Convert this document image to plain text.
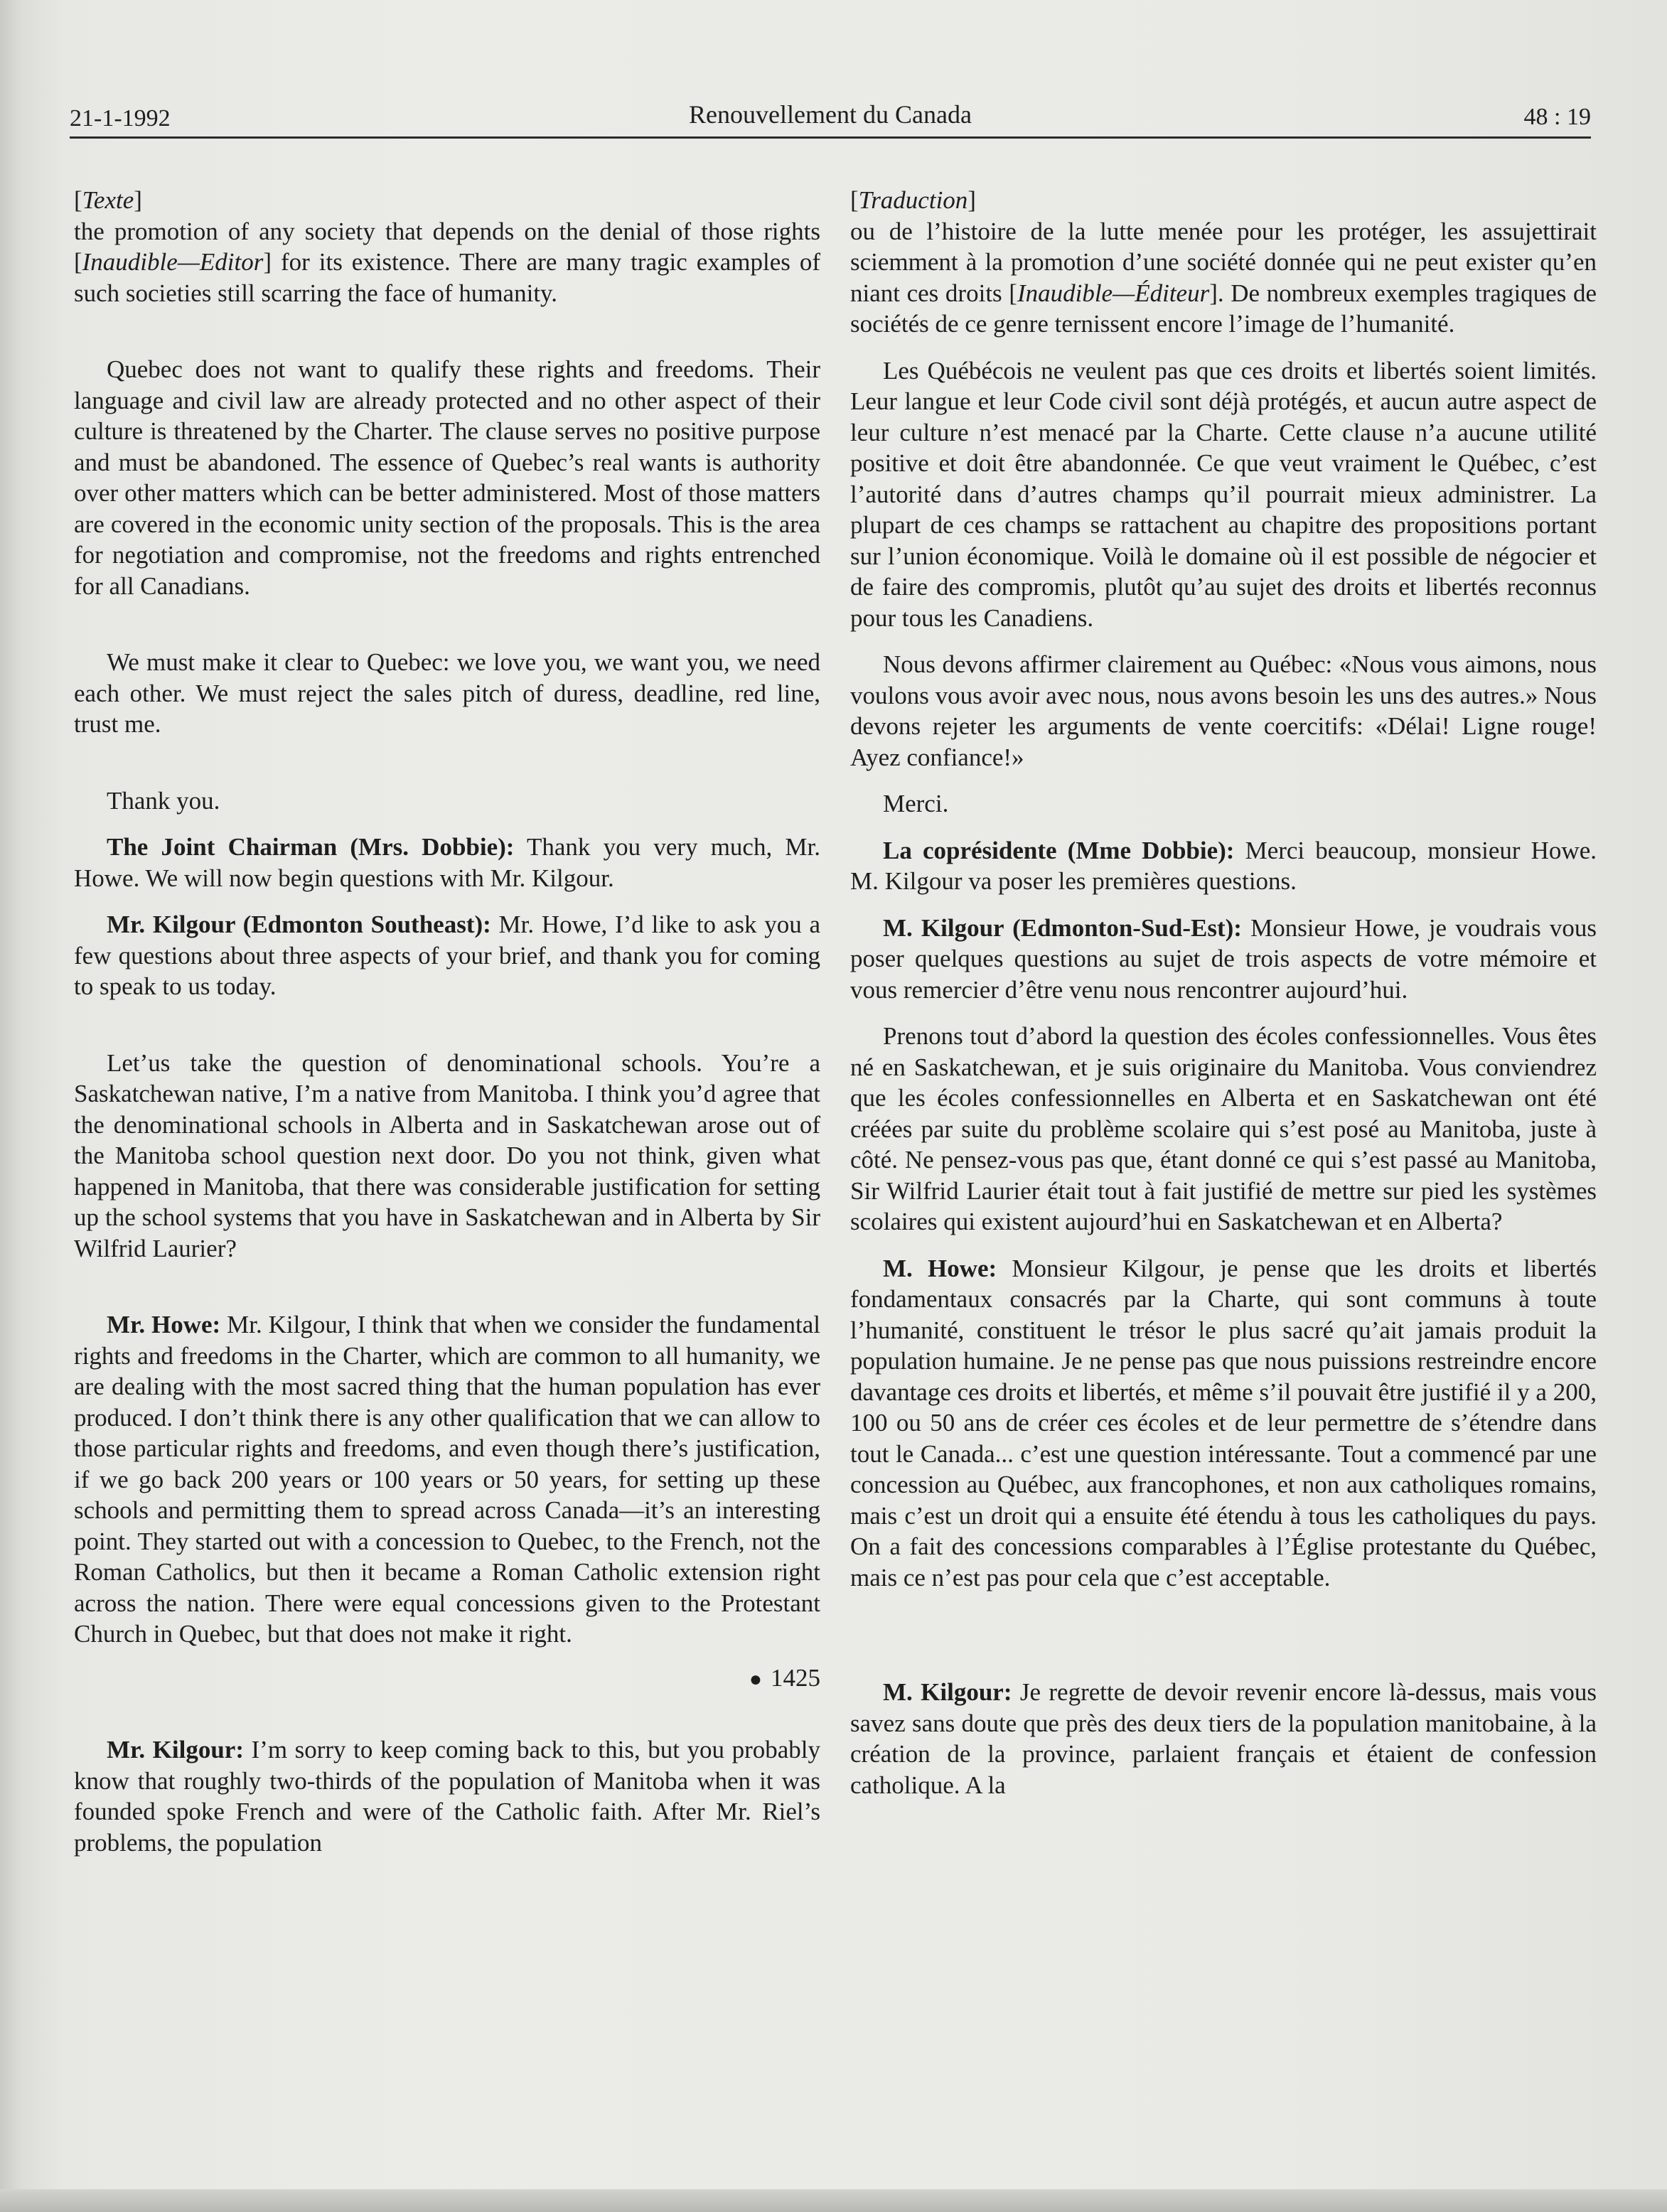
21-1-1992	Renouvellement du Canada	48 : 19

[Texte]

the promotion of any society that depends on the denial of those rights [Inaudible—Editor] for its existence. There are many tragic examples of such societies still scarring the face of humanity.

Quebec does not want to qualify these rights and freedoms. Their language and civil law are already protected and no other aspect of their culture is threatened by the Charter. The clause serves no positive purpose and must be abandoned. The essence of Quebec’s real wants is authority over other matters which can be better administered. Most of those matters are covered in the economic unity section of the proposals. This is the area for negotiation and compromise, not the freedoms and rights entrenched for all Canadians.

We must make it clear to Quebec: we love you, we want you, we need each other. We must reject the sales pitch of duress, deadline, red line, trust me.

Thank you.

The Joint Chairman (Mrs. Dobbie): Thank you very much, Mr. Howe. We will now begin questions with Mr. Kilgour.

Mr. Kilgour (Edmonton Southeast): Mr. Howe, I’d like to ask you a few questions about three aspects of your brief, and thank you for coming to speak to us today.

Let’us take the question of denominational schools. You’re a Saskatchewan native, I’m a native from Manitoba. I think you’d agree that the denominational schools in Alberta and in Saskatchewan arose out of the Manitoba school question next door. Do you not think, given what happened in Manitoba, that there was considerable justification for setting up the school systems that you have in Saskatchewan and in Alberta by Sir Wilfrid Laurier?

Mr. Howe: Mr. Kilgour, I think that when we consider the fundamental rights and freedoms in the Charter, which are common to all humanity, we are dealing with the most sacred thing that the human population has ever produced. I don’t think there is any other qualification that we can allow to those particular rights and freedoms, and even though there’s justification, if we go back 200 years or 100 years or 50 years, for setting up these schools and permitting them to spread across Canada—it’s an interesting point. They started out with a concession to Quebec, to the French, not the Roman Catholics, but then it became a Roman Catholic extension right across the nation. There were equal concessions given to the Protestant Church in Quebec, but that does not make it right.

● 1425

Mr. Kilgour: I’m sorry to keep coming back to this, but you probably know that roughly two-thirds of the population of Manitoba when it was founded spoke French and were of the Catholic faith. After Mr. Riel’s problems, the population

[Traduction]

ou de l’histoire de la lutte menée pour les protéger, les assujettirait sciemment à la promotion d’une société donnée qui ne peut exister qu’en niant ces droits [Inaudible—Éditeur]. De nombreux exemples tragiques de sociétés de ce genre ternissent encore l’image de l’humanité.

Les Québécois ne veulent pas que ces droits et libertés soient limités. Leur langue et leur Code civil sont déjà protégés, et aucun autre aspect de leur culture n’est menacé par la Charte. Cette clause n’a aucune utilité positive et doit être abandonnée. Ce que veut vraiment le Québec, c’est l’autorité dans d’autres champs qu’il pourrait mieux administrer. La plupart de ces champs se rattachent au chapitre des propositions portant sur l’union économique. Voilà le domaine où il est possible de négocier et de faire des compromis, plutôt qu’au sujet des droits et libertés reconnus pour tous les Canadiens.

Nous devons affirmer clairement au Québec: «Nous vous aimons, nous voulons vous avoir avec nous, nous avons besoin les uns des autres.» Nous devons rejeter les arguments de vente coercitifs: «Délai! Ligne rouge! Ayez confiance!»

Merci.

La coprésidente (Mme Dobbie): Merci beaucoup, monsieur Howe. M. Kilgour va poser les premières questions.

M. Kilgour (Edmonton-Sud-Est): Monsieur Howe, je voudrais vous poser quelques questions au sujet de trois aspects de votre mémoire et vous remercier d’être venu nous rencontrer aujourd’hui.

Prenons tout d’abord la question des écoles confessionnelles. Vous êtes né en Saskatchewan, et je suis originaire du Manitoba. Vous conviendrez que les écoles confessionnelles en Alberta et en Saskatchewan ont été créées par suite du problème scolaire qui s’est posé au Manitoba, juste à côté. Ne pensez-vous pas que, étant donné ce qui s’est passé au Manitoba, Sir Wilfrid Laurier était tout à fait justifié de mettre sur pied les systèmes scolaires qui existent aujourd’hui en Saskatchewan et en Alberta?

M. Howe: Monsieur Kilgour, je pense que les droits et libertés fondamentaux consacrés par la Charte, qui sont communs à toute l’humanité, constituent le trésor le plus sacré qu’ait jamais produit la population humaine. Je ne pense pas que nous puissions restreindre encore davantage ces droits et libertés, et même s’il pouvait être justifié il y a 200, 100 ou 50 ans de créer ces écoles et de leur permettre de s’étendre dans tout le Canada... c’est une question intéressante. Tout a commencé par une concession au Québec, aux francophones, et non aux catholiques romains, mais c’est un droit qui a ensuite été étendu à tous les catholiques du pays. On a fait des concessions comparables à l’Église protestante du Québec, mais ce n’est pas pour cela que c’est acceptable.

M. Kilgour: Je regrette de devoir revenir encore là-dessus, mais vous savez sans doute que près des deux tiers de la population manitobaine, à la création de la province, parlaient français et étaient de confession catholique. A la
